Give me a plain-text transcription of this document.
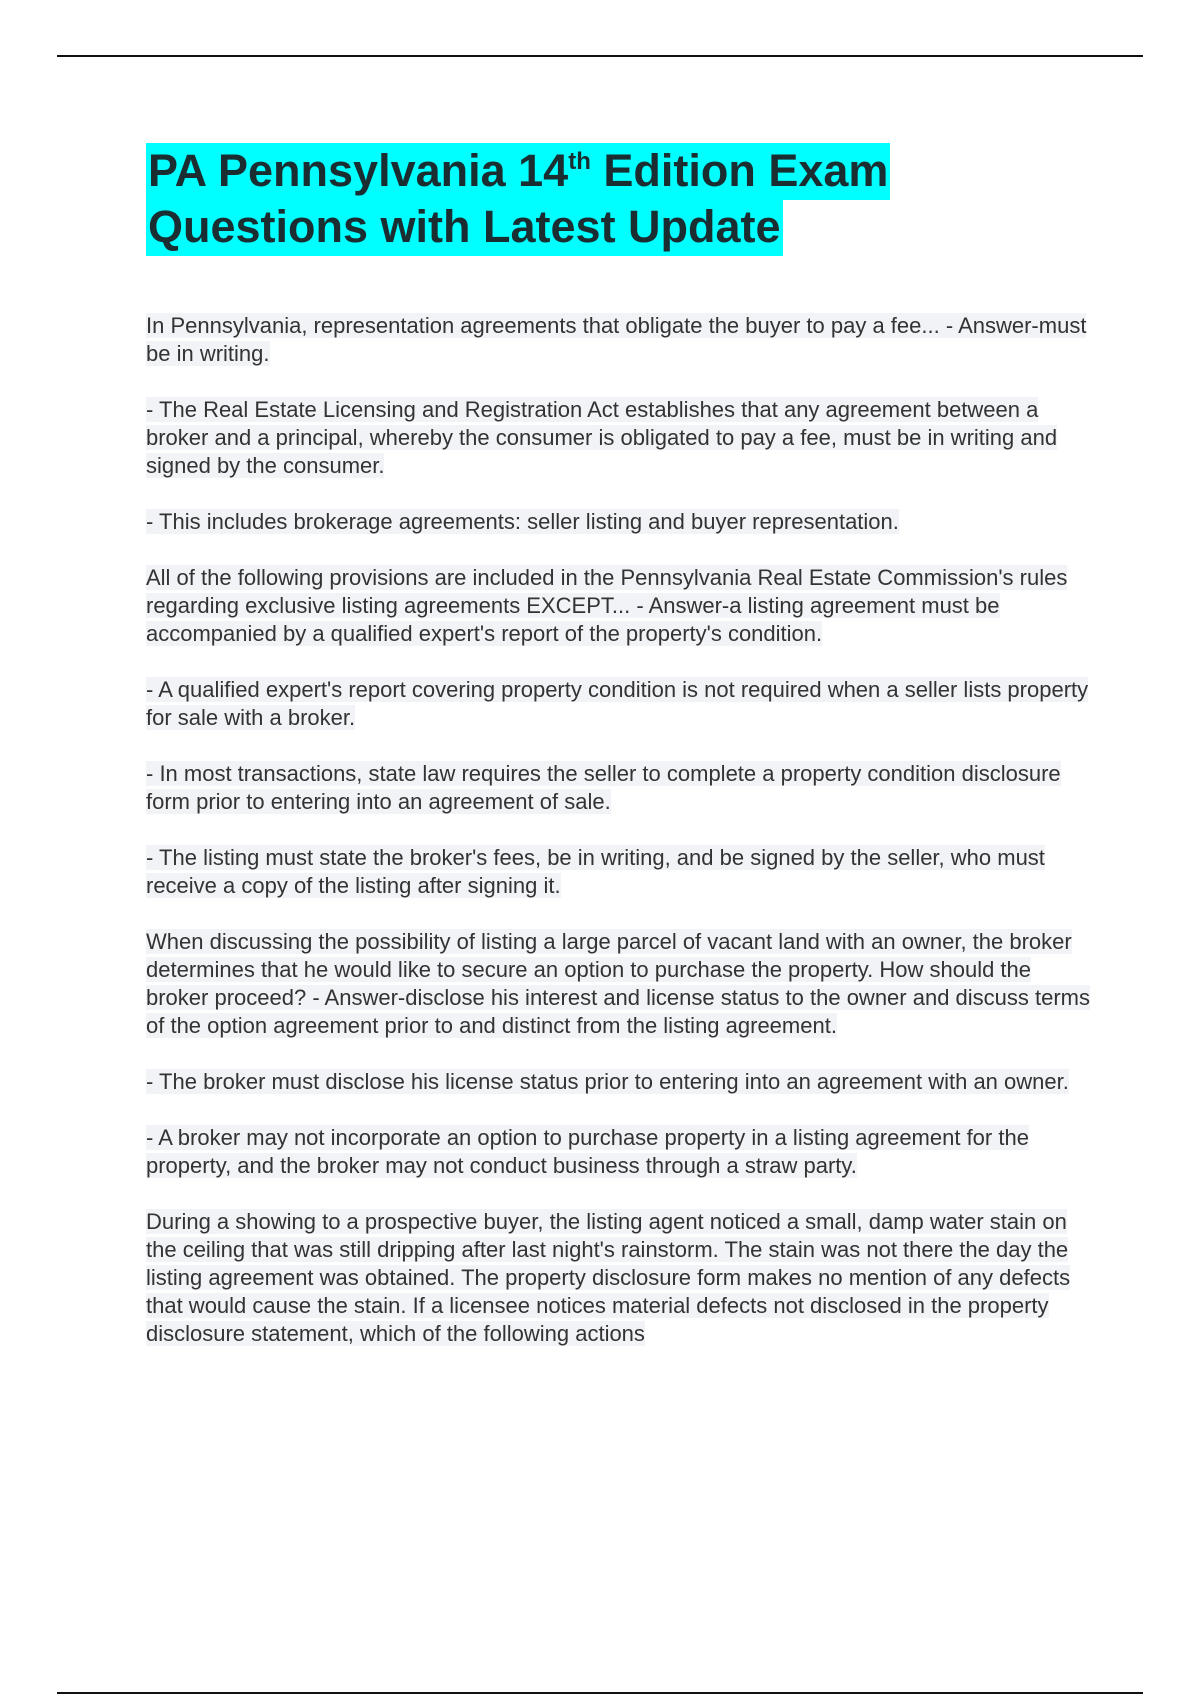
PA Pennsylvania 14th Edition Exam
Questions with Latest Update

In Pennsylvania, representation agreements that obligate the buyer to pay a fee... - Answer-must be in writing.

- The Real Estate Licensing and Registration Act establishes that any agreement between a broker and a principal, whereby the consumer is obligated to pay a fee, must be in writing and signed by the consumer.

- This includes brokerage agreements: seller listing and buyer representation.

All of the following provisions are included in the Pennsylvania Real Estate Commission's rules regarding exclusive listing agreements EXCEPT... - Answer-a listing agreement must be accompanied by a qualified expert's report of the property's condition.

- A qualified expert's report covering property condition is not required when a seller lists property for sale with a broker.

- In most transactions, state law requires the seller to complete a property condition disclosure form prior to entering into an agreement of sale.

- The listing must state the broker's fees, be in writing, and be signed by the seller, who must receive a copy of the listing after signing it.

When discussing the possibility of listing a large parcel of vacant land with an owner, the broker determines that he would like to secure an option to purchase the property. How should the broker proceed? - Answer-disclose his interest and license status to the owner and discuss terms of the option agreement prior to and distinct from the listing agreement.

- The broker must disclose his license status prior to entering into an agreement with an owner.

- A broker may not incorporate an option to purchase property in a listing agreement for the property, and the broker may not conduct business through a straw party.

During a showing to a prospective buyer, the listing agent noticed a small, damp water stain on the ceiling that was still dripping after last night's rainstorm. The stain was not there the day the listing agreement was obtained. The property disclosure form makes no mention of any defects that would cause the stain. If a licensee notices material defects not disclosed in the property disclosure statement, which of the following actions
